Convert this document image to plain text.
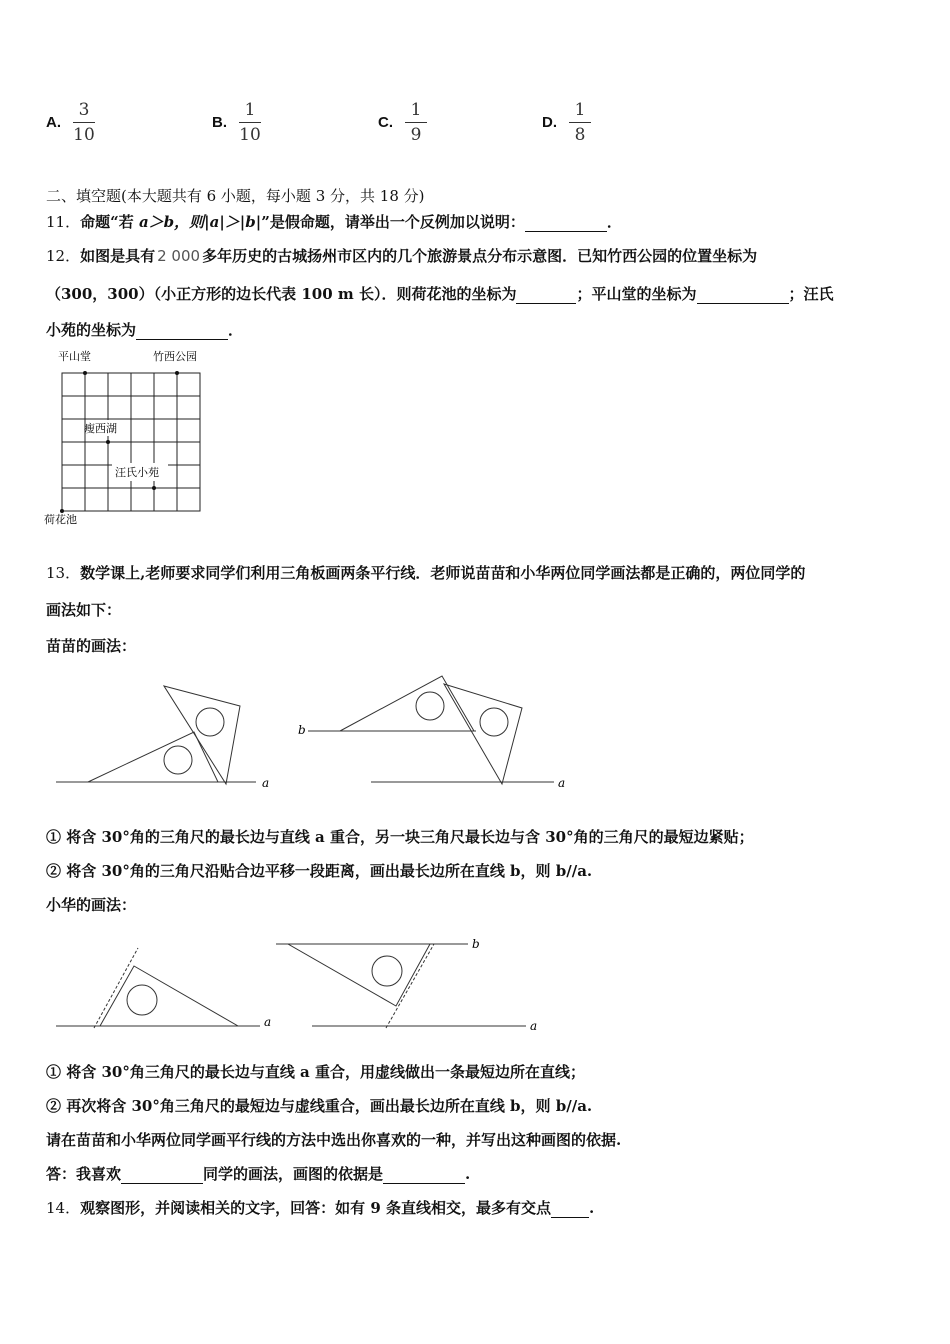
A. $\frac{3}{10}$	B. $\frac{1}{10}$	C. $\frac{1}{9}$	D. $\frac{1}{8}$
二、填空题(本大题共有 6 小题，每小题 3 分，共 18 分)
11．命题“若 a＞b，则|a|＞|b|”是假命题，请举出一个反例加以说明：	．
12．如图是具有 2 000 多年历史的古城扬州市区内的几个旅游景点分布示意图．已知竹西公园的位置坐标为
（300，300）（小正方形的边长代表 100 m 长）．则荷花池的坐标为	；平山堂的坐标为	；汪氏
小苑的坐标为	．
平山堂	竹西公园
瘦西湖
汪氏小苑
荷花池
13．数学课上,老师要求同学们利用三角板画两条平行线．老师说苗苗和小华两位同学画法都是正确的，两位同学的
画法如下：
苗苗的画法：
a
b
a
① 将含 30°角的三角尺的最长边与直线 a 重合，另一块三角尺最长边与含 30°角的三角尺的最短边紧贴；
② 将含 30°角的三角尺沿贴合边平移一段距离，画出最长边所在直线 b，则 b//a.
小华的画法：
a
b
a
① 将含 30°角三角尺的最长边与直线 a 重合，用虚线做出一条最短边所在直线；
② 再次将含 30°角三角尺的最短边与虚线重合，画出最长边所在直线 b，则 b//a.
请在苗苗和小华两位同学画平行线的方法中选出你喜欢的一种，并写出这种画图的依据.
答：我喜欢	同学的画法，画图的依据是	.
14．观察图形，并阅读相关的文字，回答：如有 9 条直线相交，最多有交点	.
